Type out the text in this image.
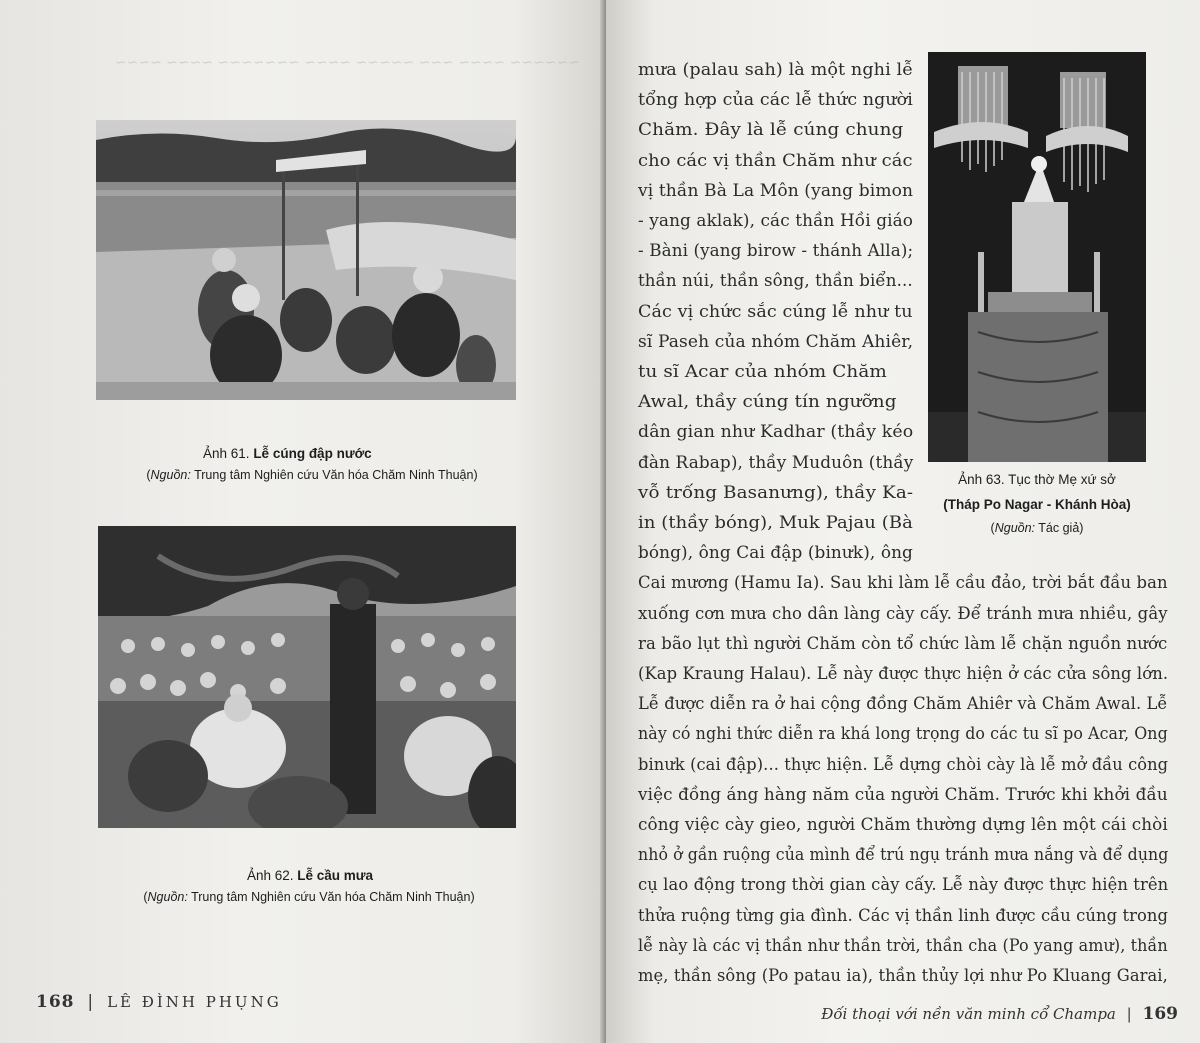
~~~~~~ ~~~~ ~~~ ~~~~~ ~~~~ ~~~~~~~ ~~~~ ~~~~
Ảnh 61. Lễ cúng đập nước
(Nguồn: Trung tâm Nghiên cứu Văn hóa Chăm Ninh Thuận)
Ảnh 62. Lễ cầu mưa
(Nguồn: Trung tâm Nghiên cứu Văn hóa Chăm Ninh Thuận)
168 | LÊ ĐÌNH PHỤNG
Ảnh 63. Tục thờ Mẹ xứ sở
(Tháp Po Nagar - Khánh Hòa)
(Nguồn: Tác giả)
mưa (palau sah) là một nghi lễ
tổng hợp của các lễ thức người
Chăm. Đây là lễ cúng chung
cho các vị thần Chăm như các
vị thần Bà La Môn (yang bimon
- yang aklak), các thần Hồi giáo
- Bàni (yang birow - thánh Alla);
thần núi, thần sông, thần biển...
Các vị chức sắc cúng lễ như tu
sĩ Paseh của nhóm Chăm Ahiêr,
tu sĩ Acar của nhóm Chăm
Awal, thầy cúng tín ngưỡng
dân gian như Kadhar (thầy kéo
đàn Rabap), thầy Muduôn (thầy
vỗ trống Basanưng), thầy Ka-
in (thầy bóng), Muk Pajau (Bà
bóng), ông Cai đập (binưk), ông
Cai mương (Hamu Ia). Sau khi làm lễ cầu đảo, trời bắt đầu ban
xuống cơn mưa cho dân làng cày cấy. Để tránh mưa nhiều, gây
ra bão lụt thì người Chăm còn tổ chức làm lễ chặn nguồn nước
(Kap Kraung Halau). Lễ này được thực hiện ở các cửa sông lớn.
Lễ được diễn ra ở hai cộng đồng Chăm Ahiêr và Chăm Awal. Lễ
này có nghi thức diễn ra khá long trọng do các tu sĩ po Acar, Ong
binưk (cai đập)... thực hiện. Lễ dựng chòi cày là lễ mở đầu công
việc đồng áng hàng năm của người Chăm. Trước khi khởi đầu
công việc cày gieo, người Chăm thường dựng lên một cái chòi
nhỏ ở gần ruộng của mình để trú ngụ tránh mưa nắng và để dụng
cụ lao động trong thời gian cày cấy. Lễ này được thực hiện trên
thửa ruộng từng gia đình. Các vị thần linh được cầu cúng trong
lễ này là các vị thần như thần trời, thần cha (Po yang amư), thần
mẹ, thần sông (Po patau ia), thần thủy lợi như Po Kluang Garai,
Đối thoại với nền văn minh cổ Champa | 169
